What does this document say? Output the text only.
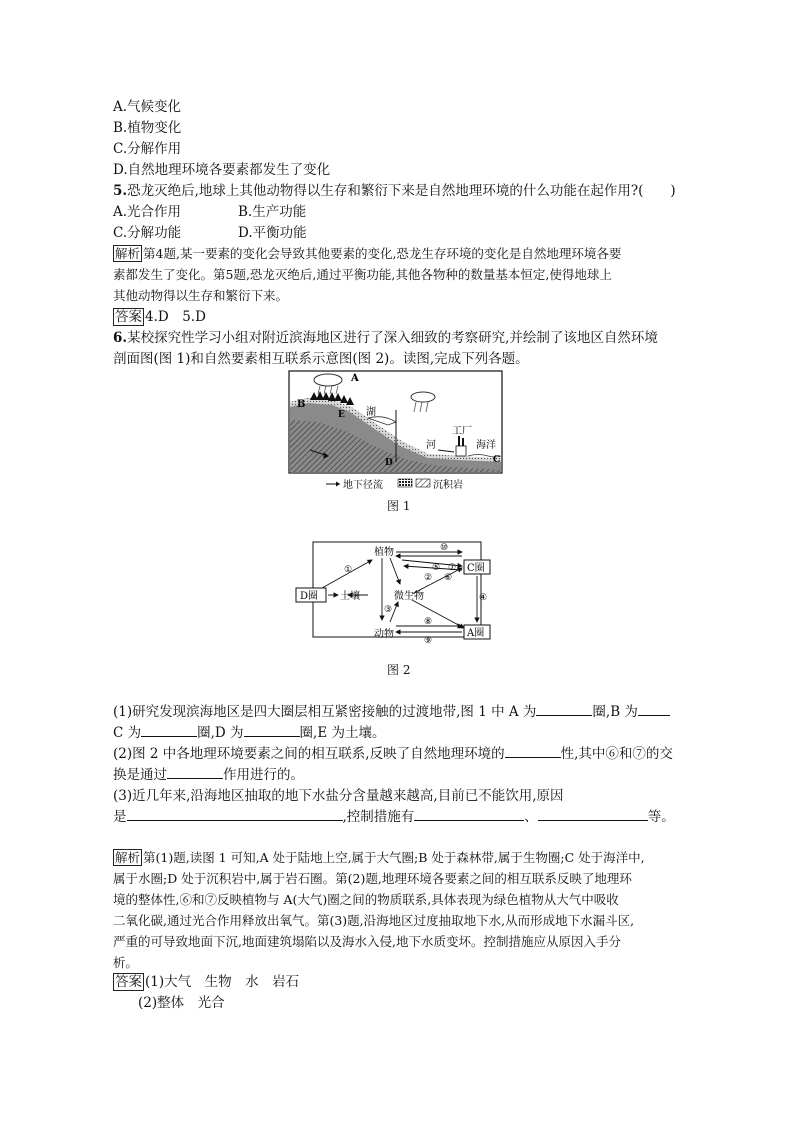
A.气候变化
B.植物变化
C.分解作用
D.自然地理环境各要素都发生了变化
5.恐龙灭绝后,地球上其他动物得以生存和繁衍下来是自然地理环境的什么功能在起作用?(　　)
A.光合作用	B.生产功能
C.分解功能	D.平衡功能
解析 第4题,某一要素的变化会导致其他要素的变化,恐龙生存环境的变化是自然地理环境各要
素都发生了变化。第5题,恐龙灭绝后,通过平衡功能,其他各物种的数量基本恒定,使得地球上
其他动物得以生存和繁衍下来。
答案 4.D　5.D
6.某校探究性学习小组对附近滨海地区进行了深入细致的考察研究,并绘制了该地区自然环境
剖面图(图 1)和自然要素相互联系示意图(图 2)。读图,完成下列各题。
A
B
E 湖
河
工厂
海洋
C
D
地下径流	沉积岩
图 1
植物
土壤	微生物
动物
D圈
C圈
A圈
①
②
③
④
⑤
⑥
⑦
⑧
⑨
⑩
图 2
(1)研究发现滨海地区是四大圈层相互紧密接触的过渡地带,图 1 中 A 为	圈,B 为
C 为	圈,D 为	圈,E 为土壤。
(2)图 2 中各地理环境要素之间的相互联系,反映了自然地理环境的	性,其中⑥和⑦的交
换是通过	作用进行的。
(3)近几年来,沿海地区抽取的地下水盐分含量越来越高,目前已不能饮用,原因
是	,控制措施有	、	等。
解析 第(1)题,读图 1 可知,A 处于陆地上空,属于大气圈;B 处于森林带,属于生物圈;C 处于海洋中,
属于水圈;D 处于沉积岩中,属于岩石圈。第(2)题,地理环境各要素之间的相互联系反映了地理环
境的整体性,⑥和⑦反映植物与 A(大气)圈之间的物质联系,具体表现为绿色植物从大气中吸收
二氧化碳,通过光合作用释放出氧气。第(3)题,沿海地区过度抽取地下水,从而形成地下水漏斗区,
严重的可导致地面下沉,地面建筑塌陷以及海水入侵,地下水质变坏。控制措施应从原因入手分
析。
答案 (1)大气　生物　水　岩石
(2)整体　光合
